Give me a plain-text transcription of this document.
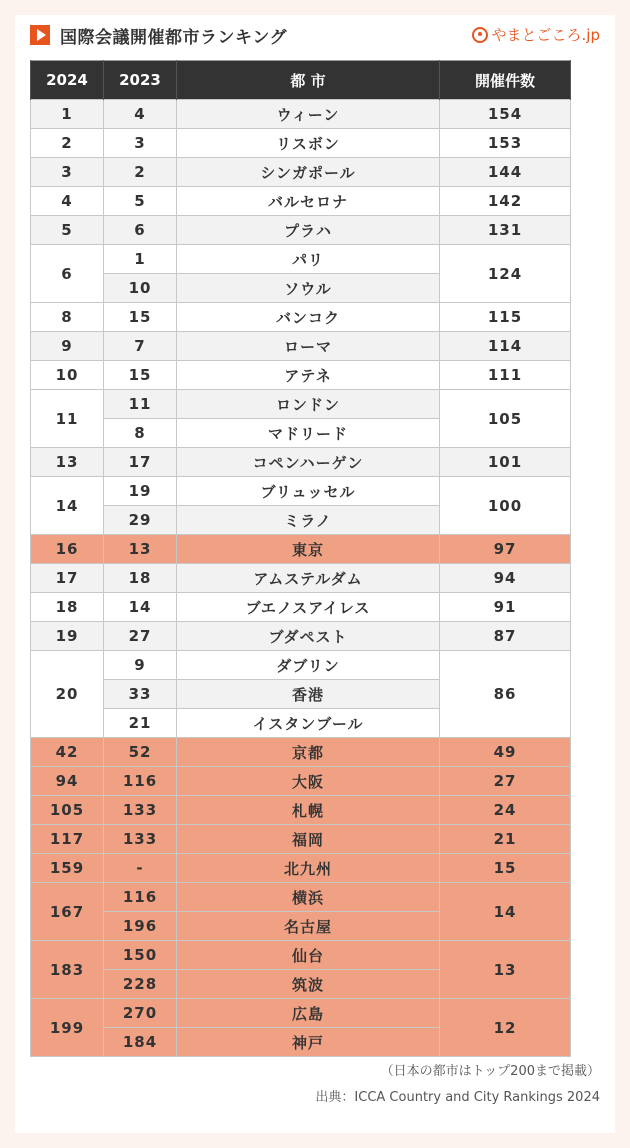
国際会議開催都市ランキング	やまとごころ.jp
2024	2023	都 市	開催件数
1	4	ウィーン	154
2	3	リスボン	153
3	2	シンガポール	144
4	5	バルセロナ	142
5	6	プラハ	131
6	1	パリ	124
	10	ソウル	
8	15	バンコク	115
9	7	ローマ	114
10	15	アテネ	111
11	11	ロンドン	105
	8	マドリード	
13	17	コペンハーゲン	101
14	19	ブリュッセル	100
	29	ミラノ	
16	13	東京	97
17	18	アムステルダム	94
18	14	ブエノスアイレス	91
19	27	ブダペスト	87
20	9	ダブリン	86
	33	香港	
	21	イスタンブール	
42	52	京都	49
94	116	大阪	27
105	133	札幌	24
117	133	福岡	21
159	-	北九州	15
167	116	横浜	14
	196	名古屋	
183	150	仙台	13
	228	筑波	
199	270	広島	12
	184	神戸	
（日本の都市はトップ200まで掲載）
出典：ICCA Country and City Rankings 2024
